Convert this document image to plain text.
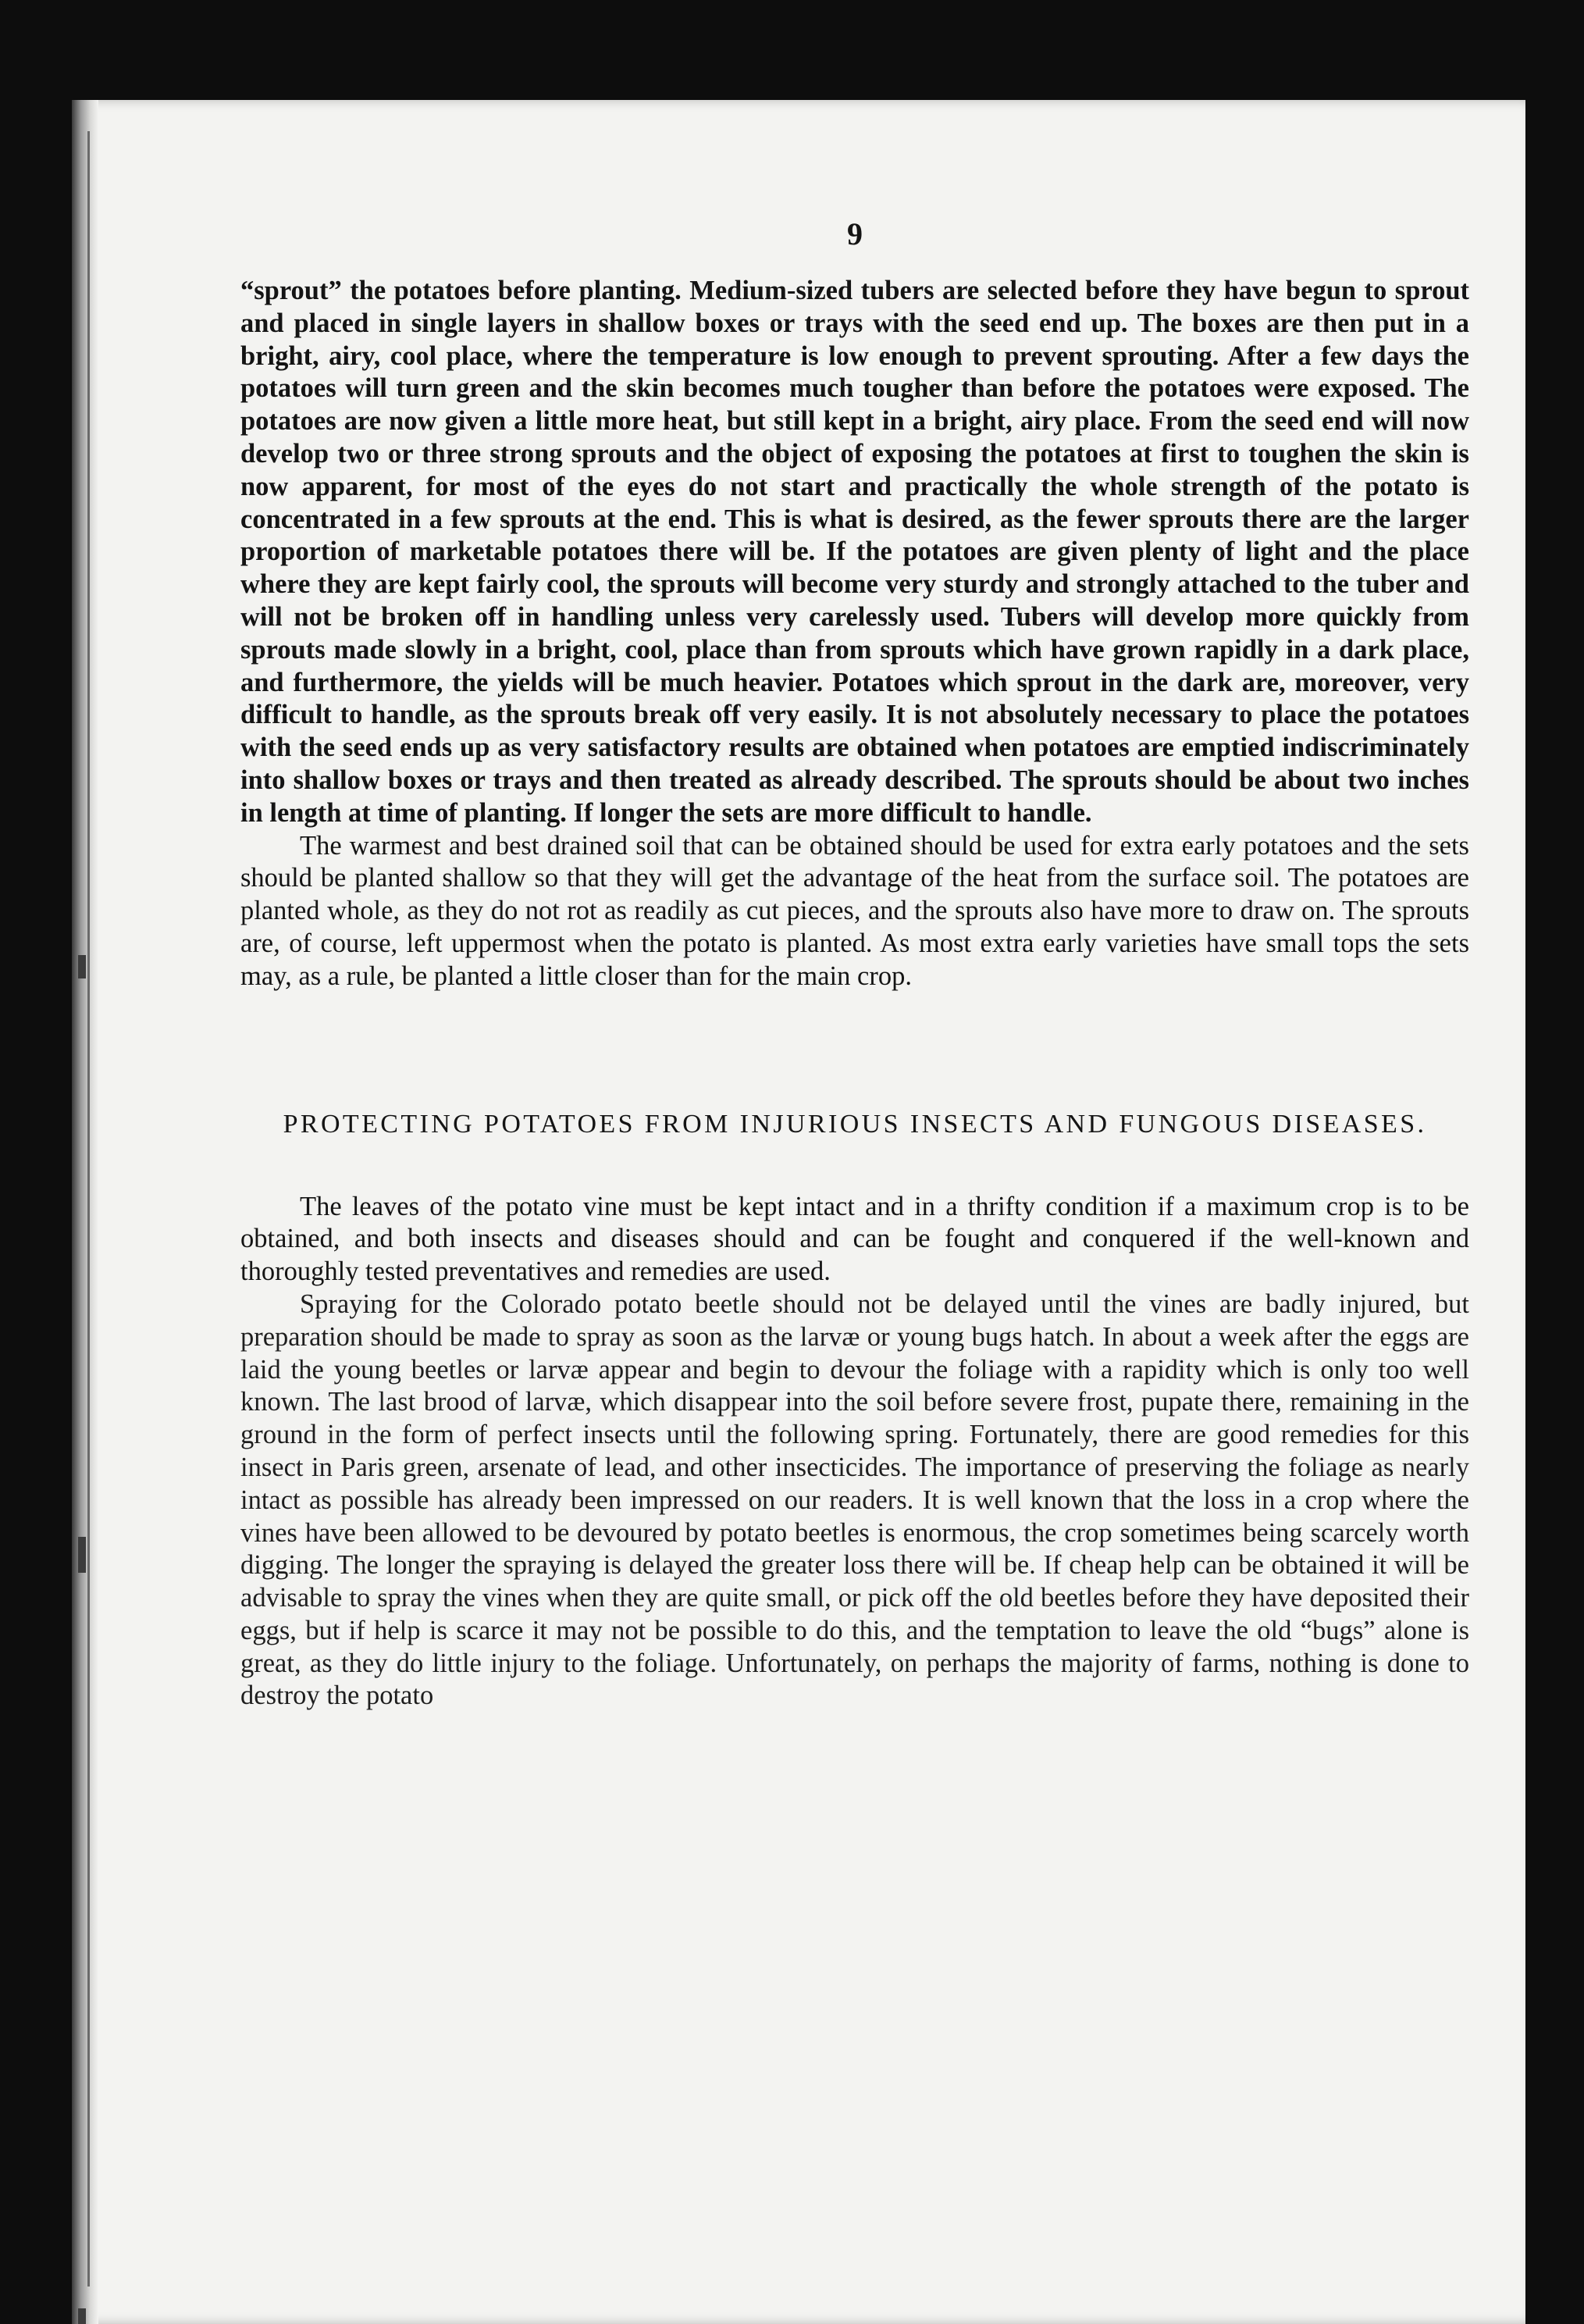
9

“sprout” the potatoes before planting. Medium-sized tubers are selected before they have begun to sprout and placed in single layers in shallow boxes or trays with the seed end up. The boxes are then put in a bright, airy, cool place, where the temperature is low enough to prevent sprouting. After a few days the potatoes will turn green and the skin becomes much tougher than before the potatoes were exposed. The potatoes are now given a little more heat, but still kept in a bright, airy place. From the seed end will now develop two or three strong sprouts and the object of exposing the potatoes at first to toughen the skin is now apparent, for most of the eyes do not start and practically the whole strength of the potato is concentrated in a few sprouts at the end. This is what is desired, as the fewer sprouts there are the larger proportion of marketable potatoes there will be. If the potatoes are given plenty of light and the place where they are kept fairly cool, the sprouts will become very sturdy and strongly attached to the tuber and will not be broken off in handling unless very carelessly used. Tubers will develop more quickly from sprouts made slowly in a bright, cool, place than from sprouts which have grown rapidly in a dark place, and furthermore, the yields will be much heavier. Potatoes which sprout in the dark are, moreover, very difficult to handle, as the sprouts break off very easily. It is not absolutely necessary to place the potatoes with the seed ends up as very satisfactory results are obtained when potatoes are emptied indiscriminately into shallow boxes or trays and then treated as already described. The sprouts should be about two inches in length at time of planting. If longer the sets are more difficult to handle.

The warmest and best drained soil that can be obtained should be used for extra early potatoes and the sets should be planted shallow so that they will get the advantage of the heat from the surface soil. The potatoes are planted whole, as they do not rot as readily as cut pieces, and the sprouts also have more to draw on. The sprouts are, of course, left uppermost when the potato is planted. As most extra early varieties have small tops the sets may, as a rule, be planted a little closer than for the main crop.

PROTECTING POTATOES FROM INJURIOUS INSECTS AND FUNGOUS DISEASES.

The leaves of the potato vine must be kept intact and in a thrifty condition if a maximum crop is to be obtained, and both insects and diseases should and can be fought and conquered if the well-known and thoroughly tested preventatives and remedies are used.

Spraying for the Colorado potato beetle should not be delayed until the vines are badly injured, but preparation should be made to spray as soon as the larvæ or young bugs hatch. In about a week after the eggs are laid the young beetles or larvæ appear and begin to devour the foliage with a rapidity which is only too well known. The last brood of larvæ, which disappear into the soil before severe frost, pupate there, remaining in the ground in the form of perfect insects until the following spring. Fortunately, there are good remedies for this insect in Paris green, arsenate of lead, and other insecticides. The importance of preserving the foliage as nearly intact as possible has already been impressed on our readers. It is well known that the loss in a crop where the vines have been allowed to be devoured by potato beetles is enormous, the crop sometimes being scarcely worth digging. The longer the spraying is delayed the greater loss there will be. If cheap help can be obtained it will be advisable to spray the vines when they are quite small, or pick off the old beetles before they have deposited their eggs, but if help is scarce it may not be possible to do this, and the temptation to leave the old “bugs” alone is great, as they do little injury to the foliage. Unfortunately, on perhaps the majority of farms, nothing is done to destroy the potato
